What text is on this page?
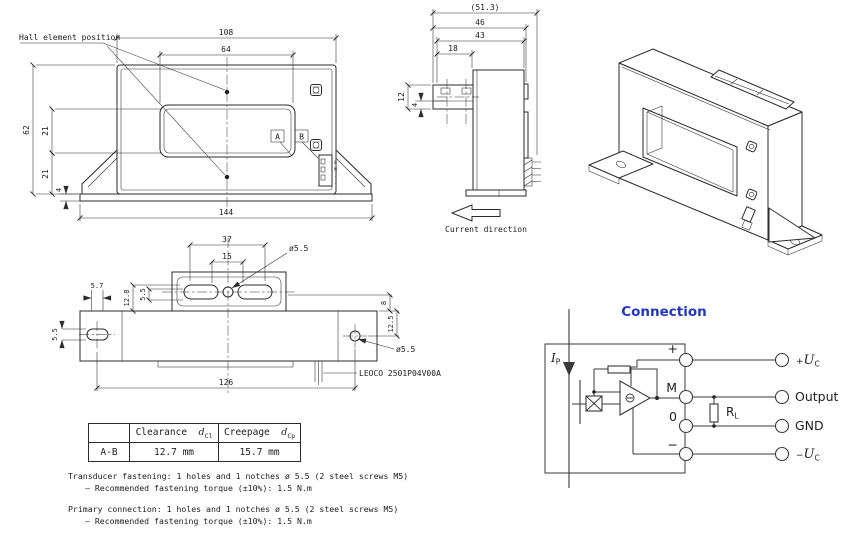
Hall element position
0
M
·
·
A B
108
64
62 21
21
4
144
(51.3)
46
43
18
12
4
Current direction
37
15
ø5.5
5.7
12.8 5.5
5.5
8
12.5
ø5.5
126
LEOCO 2501P04V00A
Connection
$I_P$
+
M
0
−
$R_L$
+UC
Output
GND
−UC
	Clearance $d_{Cl}$	Creepage $d_{Cp}$
A-B	12.7 mm	15.7 mm
Transducer fastening: 1 holes and 1 notches ø 5.5 (2 steel screws M5)
– Recommended fastening torque (±10%): 1.5 N.m
Primary connection: 1 holes and 1 notches ø 5.5 (2 steel screws M5)
– Recommended fastening torque (±10%): 1.5 N.m
